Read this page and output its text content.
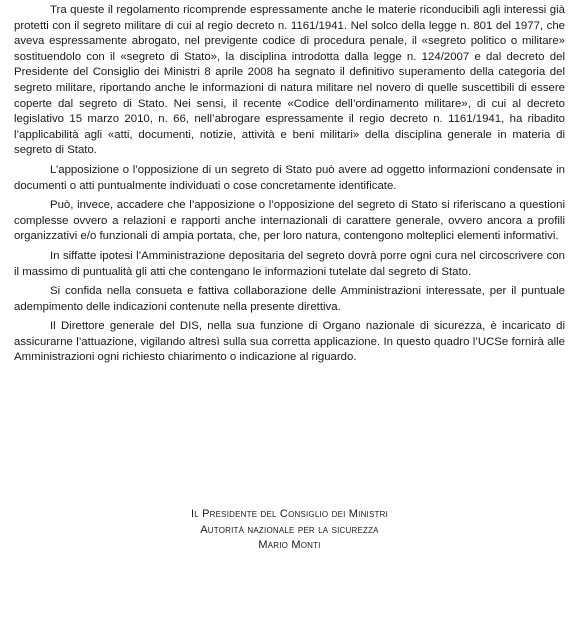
Tra queste il regolamento ricomprende espressamente anche le materie riconducibili agli interessi già protetti con il segreto militare di cui al regio decreto n. 1161/1941. Nel solco della legge n. 801 del 1977, che aveva espressamente abrogato, nel previgente codice di procedura penale, il «segreto politico o militare» sostituendolo con il «segreto di Stato», la disciplina introdotta dalla legge n. 124/2007 e dal decreto del Presidente del Consiglio dei Ministri 8 aprile 2008 ha segnato il definitivo superamento della categoria del segreto militare, riportando anche le informazioni di natura militare nel novero di quelle suscettibili di essere coperte dal segreto di Stato. Nei sensi, il recente «Codice dell’ordinamento militare», di cui al decreto legislativo 15 marzo 2010, n. 66, nell’abrogare espressamente il regio decreto n. 1161/1941, ha ribadito l’applicabilità agli «atti, documenti, notizie, attività e beni militari» della disciplina generale in materia di segreto di Stato.

L’apposizione o l’opposizione di un segreto di Stato può avere ad oggetto informazioni condensate in documenti o atti puntualmente individuati o cose concretamente identificate.

Può, invece, accadere che l’apposizione o l’opposizione del segreto di Stato si riferiscano a questioni complesse ovvero a relazioni e rapporti anche internazionali di carattere generale, ovvero ancora a profili organizzativi e/o funzionali di ampia portata, che, per loro natura, contengono molteplici elementi informativi.

In siffatte ipotesi l’Amministrazione depositaria del segreto dovrà porre ogni cura nel circoscrivere con il massimo di puntualità gli atti che contengano le informazioni tutelate dal segreto di Stato.

Si confida nella consueta e fattiva collaborazione delle Amministrazioni interessate, per il puntuale adempimento delle indicazioni contenute nella presente direttiva.

Il Direttore generale del DIS, nella sua funzione di Organo nazionale di sicurezza, è incaricato di assicurarne l’attuazione, vigilando altresì sulla sua corretta applicazione. In questo quadro l’UCSe fornirà alle Amministrazioni ogni richiesto chiarimento o indicazione al riguardo.

Il Presidente del Consiglio dei Ministri
Autorità nazionale per la sicurezza
Mario Monti
